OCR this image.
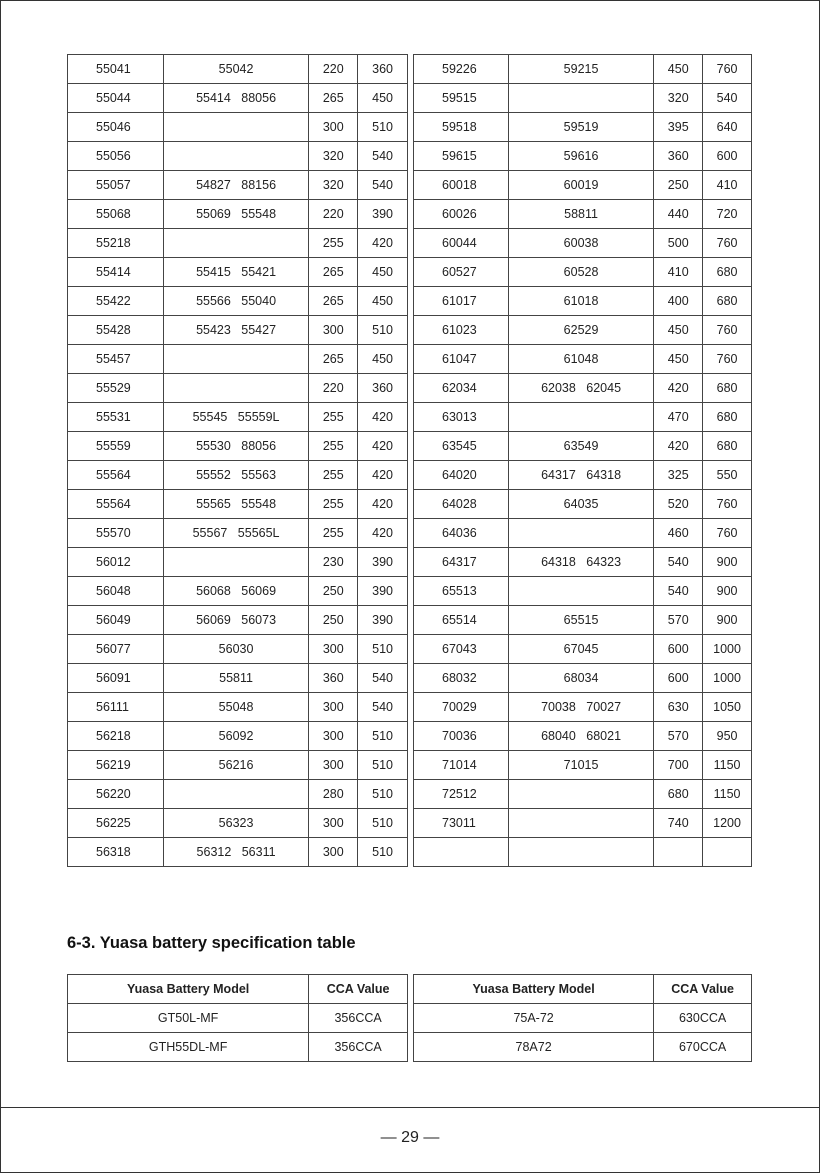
55041	55042	220	360
55044	55414   88056	265	450
55046		300	510
55056		320	540
55057	54827   88156	320	540
55068	55069   55548	220	390
55218		255	420
55414	55415   55421	265	450
55422	55566   55040	265	450
55428	55423   55427	300	510
55457		265	450
55529		220	360
55531	55545   55559L	255	420
55559	55530   88056	255	420
55564	55552   55563	255	420
55564	55565   55548	255	420
55570	55567   55565L	255	420
56012		230	390
56048	56068   56069	250	390
56049	56069   56073	250	390
56077	56030	300	510
56091	55811	360	540
56111	55048	300	540
56218	56092	300	510
56219	56216	300	510
56220		280	510
56225	56323	300	510
56318	56312   56311	300	510
59226	59215	450	760
59515		320	540
59518	59519	395	640
59615	59616	360	600
60018	60019	250	410
60026	58811	440	720
60044	60038	500	760
60527	60528	410	680
61017	61018	400	680
61023	62529	450	760
61047	61048	450	760
62034	62038   62045	420	680
63013		470	680
63545	63549	420	680
64020	64317   64318	325	550
64028	64035	520	760
64036		460	760
64317	64318   64323	540	900
65513		540	900
65514	65515	570	900
67043	67045	600	1000
68032	68034	600	1000
70029	70038   70027	630	1050
70036	68040   68021	570	950
71014	71015	700	1150
72512		680	1150
73011		740	1200

6-3. Yuasa battery specification table
Yuasa Battery Model	CCA Value
GT50L-MF	356CCA
GTH55DL-MF	356CCA
Yuasa Battery Model	CCA Value
75A-72	630CCA
78A72	670CCA
— 29 —
